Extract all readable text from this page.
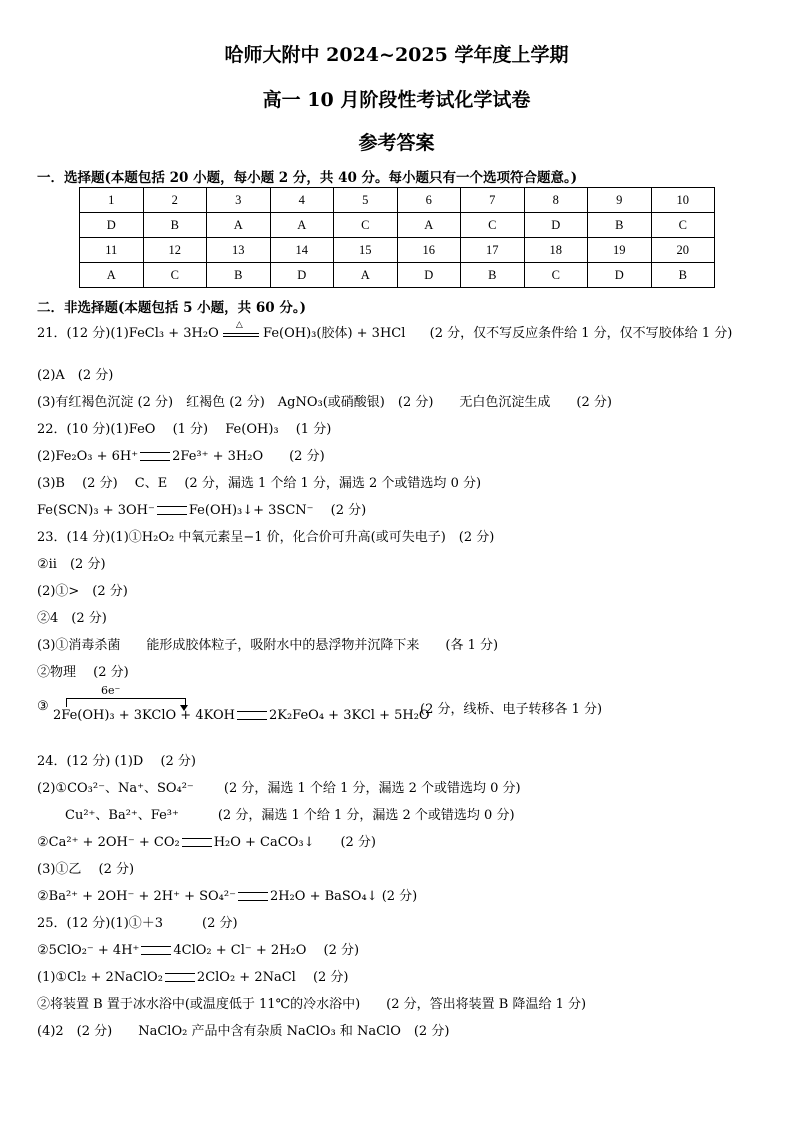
哈师大附中 2024~2025 学年度上学期
高一 10 月阶段性考试化学试卷
参考答案
一．选择题(本题包括 20 小题，每小题 2 分，共 40 分。每小题只有一个选项符合题意。)
1	2	3	4	5	6	7	8	9	10
D	B	A	A	C	A	C	D	B	C
11	12	13	14	15	16	17	18	19	20
A	C	B	D	A	D	B	C	D	B
二．非选择题(本题包括 5 小题，共 60 分。)
21．(12 分)(1)FeCl₃ + 3H₂O
△
Fe(OH)₃(胶体) + 3HCl (2 分，仅不写反应条件给 1 分，仅不写胶体给 1 分)
(2)A　(2 分)
(3)有红褐色沉淀 (2 分)　红褐色 (2 分)　AgNO₃(或硝酸银)　(2 分)　　无白色沉淀生成　　(2 分)
22．(10 分)(1)FeO　 (1 分)　 Fe(OH)₃　 (1 分)
(2)Fe₂O₃ + 6H⁺	2Fe³⁺ + 3H₂O　　(2 分)
(3)B　 (2 分)　 C、E　 (2 分，漏选 1 个给 1 分，漏选 2 个或错选均 0 分)
Fe(SCN)₃ + 3OH⁻	Fe(OH)₃↓+ 3SCN⁻　 (2 分)
23．(14 分)(1)①H₂O₂ 中氧元素呈−1 价，化合价可升高(或可失电子)　(2 分)
②ii　(2 分)
(2)①>　(2 分)
②4　(2 分)
(3)①消毒杀菌　　能形成胶体粒子，吸附水中的悬浮物并沉降下来　　(各 1 分)
②物理　 (2 分)
③
6e⁻
2Fe(OH)₃ + 3KClO + 4KOH	2K₂FeO₄ + 3KCl + 5H₂O
(2 分，线桥、电子转移各 1 分)
24．(12 分) (1)D　 (2 分)
(2)①CO₃²⁻、Na⁺、SO₄²⁻　　 (2 分，漏选 1 个给 1 分，漏选 2 个或错选均 0 分)
Cu²⁺、Ba²⁺、Fe³⁺　　　(2 分，漏选 1 个给 1 分，漏选 2 个或错选均 0 分)
②Ca²⁺ + 2OH⁻ + CO₂	H₂O + CaCO₃↓　　(2 分)
(3)①乙　 (2 分)
②Ba²⁺ + 2OH⁻ + 2H⁺ + SO₄²⁻	2H₂O + BaSO₄↓ (2 分)
25．(12 分)(1)①＋3　　　(2 分)
②5ClO₂⁻ + 4H⁺	4ClO₂ + Cl⁻ + 2H₂O　 (2 分)
(1)①Cl₂ + 2NaClO₂	2ClO₂ + 2NaCl　 (2 分)
②将装置 B 置于冰水浴中(或温度低于 11℃的冷水浴中)　　(2 分，答出将装置 B 降温给 1 分)
(4)2　(2 分)　　NaClO₂ 产品中含有杂质 NaClO₃ 和 NaClO　(2 分)
